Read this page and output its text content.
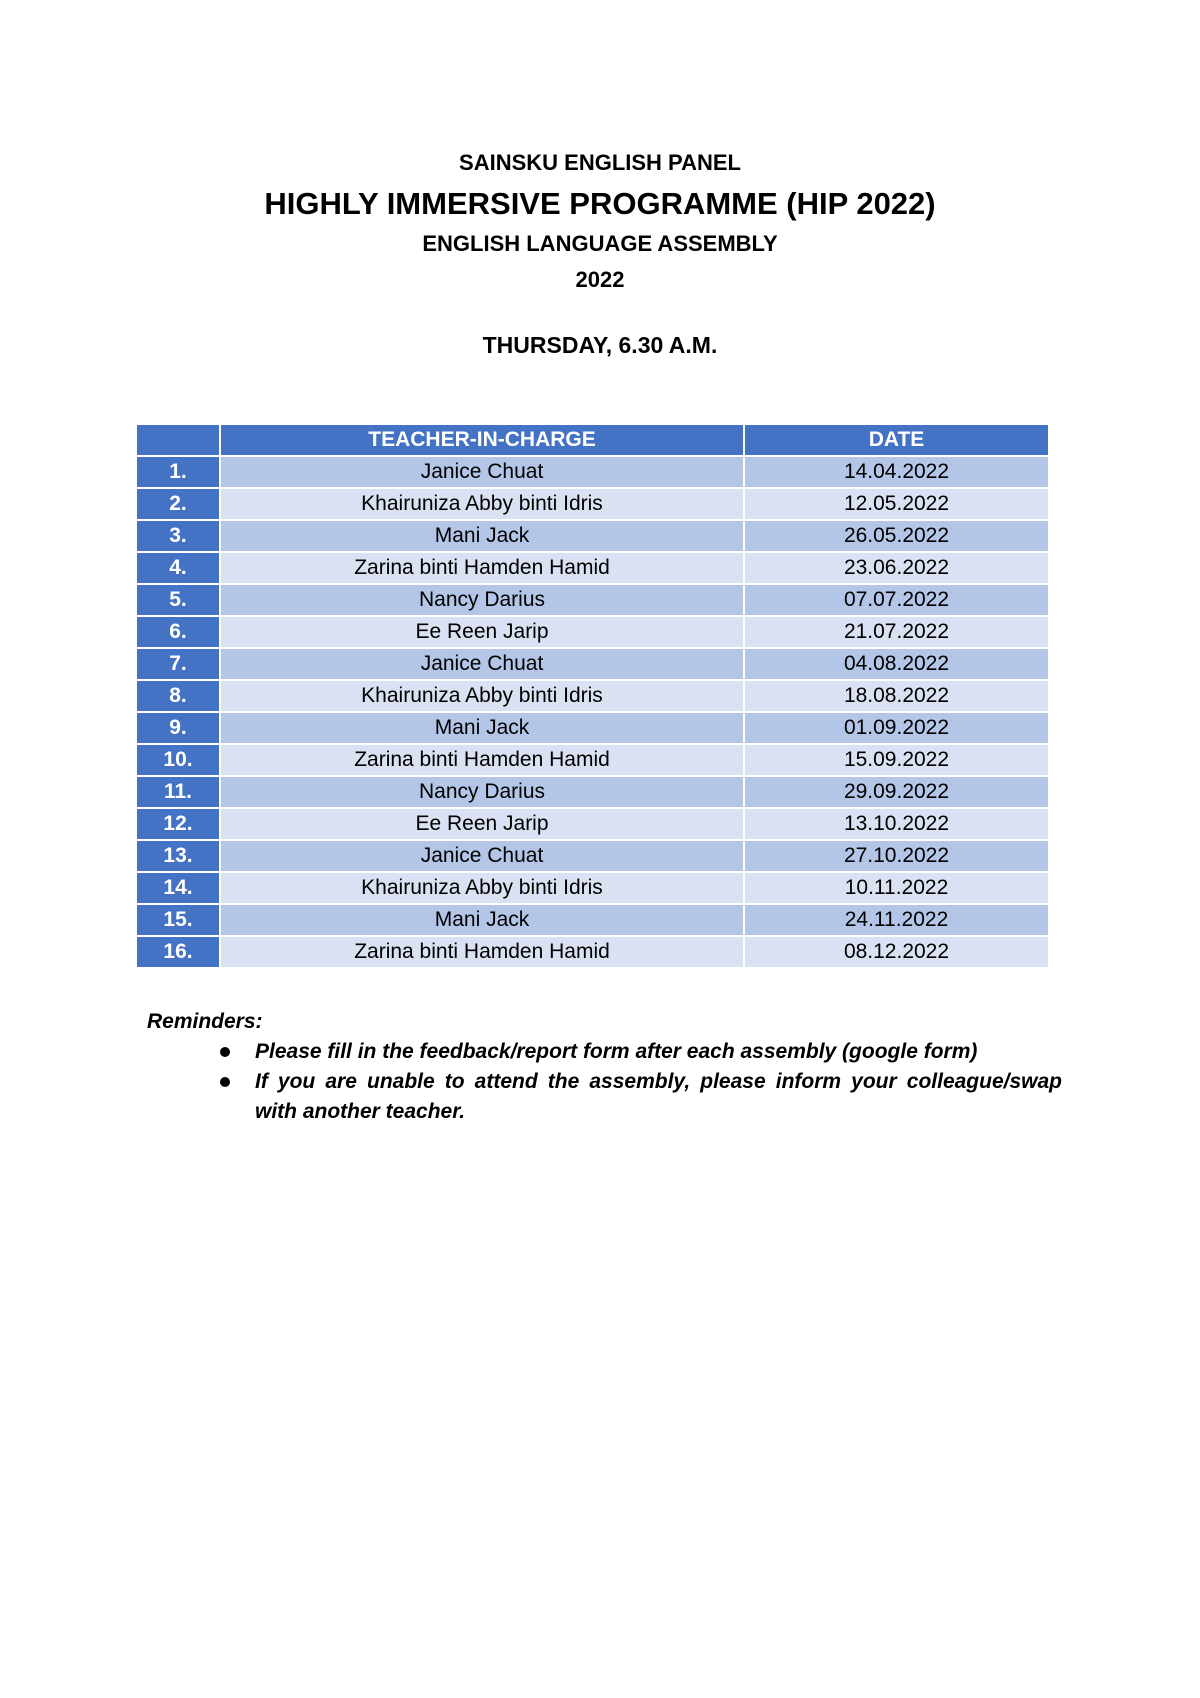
SAINSKU ENGLISH PANEL
HIGHLY IMMERSIVE PROGRAMME (HIP 2022)
ENGLISH LANGUAGE ASSEMBLY
2022
THURSDAY, 6.30 A.M.
	TEACHER-IN-CHARGE	DATE
1.	Janice Chuat	14.04.2022
2.	Khairuniza Abby binti Idris	12.05.2022
3.	Mani Jack	26.05.2022
4.	Zarina binti Hamden Hamid	23.06.2022
5.	Nancy Darius	07.07.2022
6.	Ee Reen Jarip	21.07.2022
7.	Janice Chuat	04.08.2022
8.	Khairuniza Abby binti Idris	18.08.2022
9.	Mani Jack	01.09.2022
10.	Zarina binti Hamden Hamid	15.09.2022
11.	Nancy Darius	29.09.2022
12.	Ee Reen Jarip	13.10.2022
13.	Janice Chuat	27.10.2022
14.	Khairuniza Abby binti Idris	10.11.2022
15.	Mani Jack	24.11.2022
16.	Zarina binti Hamden Hamid	08.12.2022

Reminders:

Please fill in the feedback/report form after each assembly (google form)
If you are unable to attend the assembly, please inform your colleague/swap with another teacher.
